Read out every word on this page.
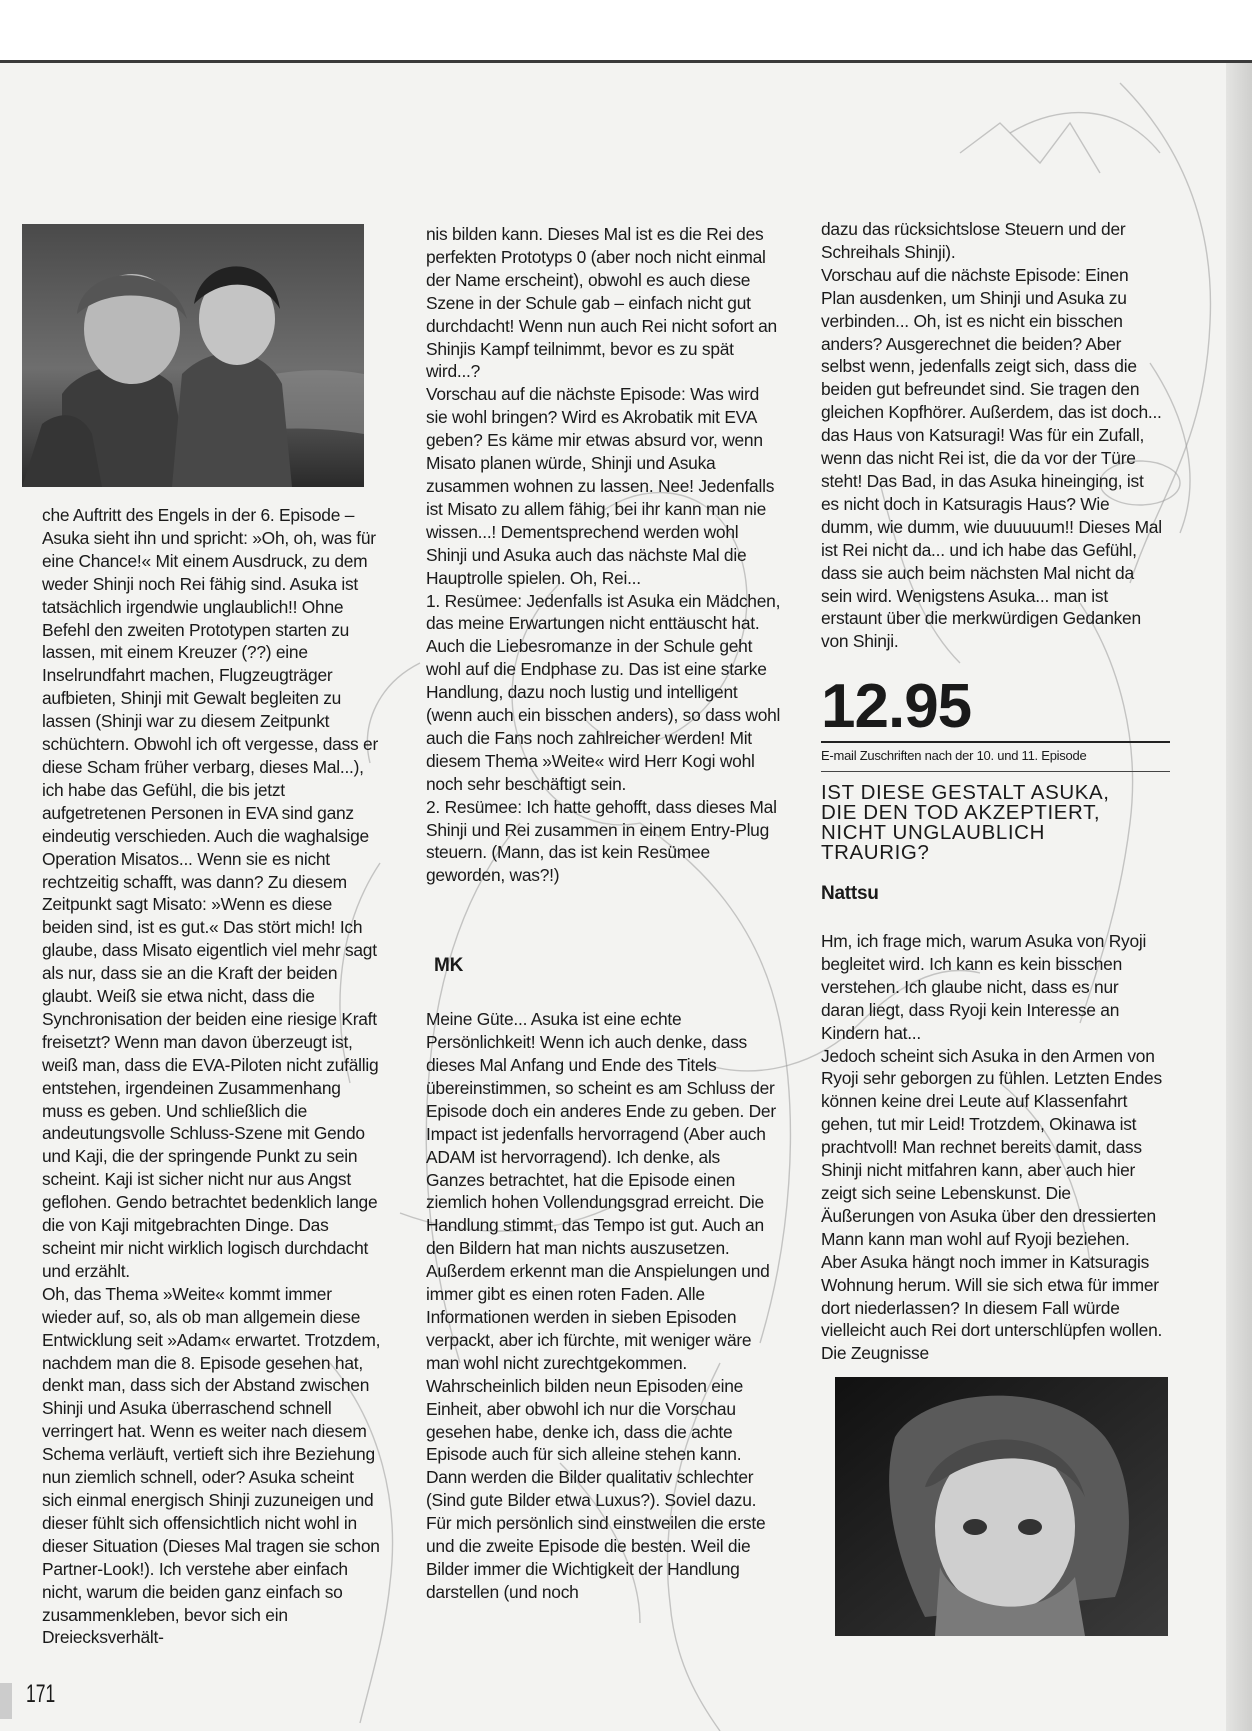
che Auftritt des Engels in der 6. Episode – Asuka sieht ihn und spricht: »Oh, oh, was für eine Chance!« Mit einem Ausdruck, zu dem weder Shinji noch Rei fähig sind. Asuka ist tatsächlich irgendwie unglaublich!! Ohne Befehl den zweiten Prototypen starten zu lassen, mit einem Kreuzer (??) eine Inselrundfahrt machen, Flugzeugträger aufbieten, Shinji mit Gewalt begleiten zu lassen (Shinji war zu diesem Zeitpunkt schüchtern. Obwohl ich oft vergesse, dass er diese Scham früher verbarg, dieses Mal...), ich habe das Gefühl, die bis jetzt aufgetretenen Personen in EVA sind ganz eindeutig verschieden. Auch die waghalsige Operation Misatos... Wenn sie es nicht rechtzeitig schafft, was dann? Zu diesem Zeitpunkt sagt Misato: »Wenn es diese beiden sind, ist es gut.« Das stört mich! Ich glaube, dass Misato eigentlich viel mehr sagt als nur, dass sie an die Kraft der beiden glaubt. Weiß sie etwa nicht, dass die Synchronisation der beiden eine riesige Kraft freisetzt? Wenn man davon überzeugt ist, weiß man, dass die EVA-Piloten nicht zufällig entstehen, irgendeinen Zusammenhang muss es geben. Und schließlich die andeutungsvolle Schluss-Szene mit Gendo und Kaji, die der springende Punkt zu sein scheint. Kaji ist sicher nicht nur aus Angst geflohen. Gendo betrachtet bedenklich lange die von Kaji mitgebrachten Dinge. Das scheint mir nicht wirklich logisch durchdacht und erzählt.

Oh, das Thema »Weite« kommt immer wieder auf, so, als ob man allgemein diese Entwicklung seit »Adam« erwartet. Trotzdem, nachdem man die 8. Episode gesehen hat, denkt man, dass sich der Abstand zwischen Shinji und Asuka überraschend schnell verringert hat. Wenn es weiter nach diesem Schema verläuft, vertieft sich ihre Beziehung nun ziemlich schnell, oder? Asuka scheint sich einmal energisch Shinji zuzuneigen und dieser fühlt sich offensichtlich nicht wohl in dieser Situation (Dieses Mal tragen sie schon Partner-Look!). Ich verstehe aber einfach nicht, warum die beiden ganz einfach so zusammenkleben, bevor sich ein Dreiecksverhält-

nis bilden kann. Dieses Mal ist es die Rei des perfekten Prototyps 0 (aber noch nicht einmal der Name erscheint), obwohl es auch diese Szene in der Schule gab – einfach nicht gut durchdacht! Wenn nun auch Rei nicht sofort an Shinjis Kampf teilnimmt, bevor es zu spät wird...?

Vorschau auf die nächste Episode: Was wird sie wohl bringen? Wird es Akrobatik mit EVA geben? Es käme mir etwas absurd vor, wenn Misato planen würde, Shinji und Asuka zusammen wohnen zu lassen. Nee! Jedenfalls ist Misato zu allem fähig, bei ihr kann man nie wissen...! Dementsprechend werden wohl Shinji und Asuka auch das nächste Mal die Hauptrolle spielen. Oh, Rei...

1. Resümee: Jedenfalls ist Asuka ein Mädchen, das meine Erwartungen nicht enttäuscht hat. Auch die Liebesromanze in der Schule geht wohl auf die Endphase zu. Das ist eine starke Handlung, dazu noch lustig und intelligent (wenn auch ein bisschen anders), so dass wohl auch die Fans noch zahlreicher werden! Mit diesem Thema »Weite« wird Herr Kogi wohl noch sehr beschäftigt sein.

2. Resümee: Ich hatte gehofft, dass dieses Mal Shinji und Rei zusammen in einem Entry-Plug steuern. (Mann, das ist kein Resümee geworden, was?!)

MK

Meine Güte... Asuka ist eine echte Persönlichkeit! Wenn ich auch denke, dass dieses Mal Anfang und Ende des Titels übereinstimmen, so scheint es am Schluss der Episode doch ein anderes Ende zu geben. Der Impact ist jedenfalls hervorragend (Aber auch ADAM ist hervorragend). Ich denke, als Ganzes betrachtet, hat die Episode einen ziemlich hohen Vollendungsgrad erreicht. Die Handlung stimmt, das Tempo ist gut. Auch an den Bildern hat man nichts auszusetzen. Außerdem erkennt man die Anspielungen und immer gibt es einen roten Faden. Alle Informationen werden in sieben Episoden verpackt, aber ich fürchte, mit weniger wäre man wohl nicht zurechtgekommen. Wahrscheinlich bilden neun Episoden eine Einheit, aber obwohl ich nur die Vorschau gesehen habe, denke ich, dass die achte Episode auch für sich alleine stehen kann. Dann werden die Bilder qualitativ schlechter (Sind gute Bilder etwa Luxus?). Soviel dazu. Für mich persönlich sind einstweilen die erste und die zweite Episode die besten. Weil die Bilder immer die Wichtigkeit der Handlung darstellen (und noch

dazu das rücksichtslose Steuern und der Schreihals Shinji).

Vorschau auf die nächste Episode: Einen Plan ausdenken, um Shinji und Asuka zu verbinden... Oh, ist es nicht ein bisschen anders? Ausgerechnet die beiden? Aber selbst wenn, jedenfalls zeigt sich, dass die beiden gut befreundet sind. Sie tragen den gleichen Kopfhörer. Außerdem, das ist doch... das Haus von Katsuragi! Was für ein Zufall, wenn das nicht Rei ist, die da vor der Türe steht! Das Bad, in das Asuka hineinging, ist es nicht doch in Katsuragis Haus? Wie dumm, wie dumm, wie duuuuum!! Dieses Mal ist Rei nicht da... und ich habe das Gefühl, dass sie auch beim nächsten Mal nicht da sein wird. Wenigstens Asuka... man ist erstaunt über die merkwürdigen Gedanken von Shinji.

12.95
E-mail Zuschriften nach der 10. und 11. Episode
IST DIESE GESTALT ASUKA, DIE DEN TOD AKZEPTIERT, NICHT UNGLAUBLICH TRAURIG?
Nattsu

Hm, ich frage mich, warum Asuka von Ryoji begleitet wird. Ich kann es kein bisschen verstehen. Ich glaube nicht, dass es nur daran liegt, dass Ryoji kein Interesse an Kindern hat...

Jedoch scheint sich Asuka in den Armen von Ryoji sehr geborgen zu fühlen. Letzten Endes können keine drei Leute auf Klassenfahrt gehen, tut mir Leid! Trotzdem, Okinawa ist prachtvoll! Man rechnet bereits damit, dass Shinji nicht mitfahren kann, aber auch hier zeigt sich seine Lebenskunst. Die Äußerungen von Asuka über den dressierten Mann kann man wohl auf Ryoji beziehen. Aber Asuka hängt noch immer in Katsuragis Wohnung herum. Will sie sich etwa für immer dort niederlassen? In diesem Fall würde vielleicht auch Rei dort unterschlüpfen wollen. Die Zeugnisse

171
